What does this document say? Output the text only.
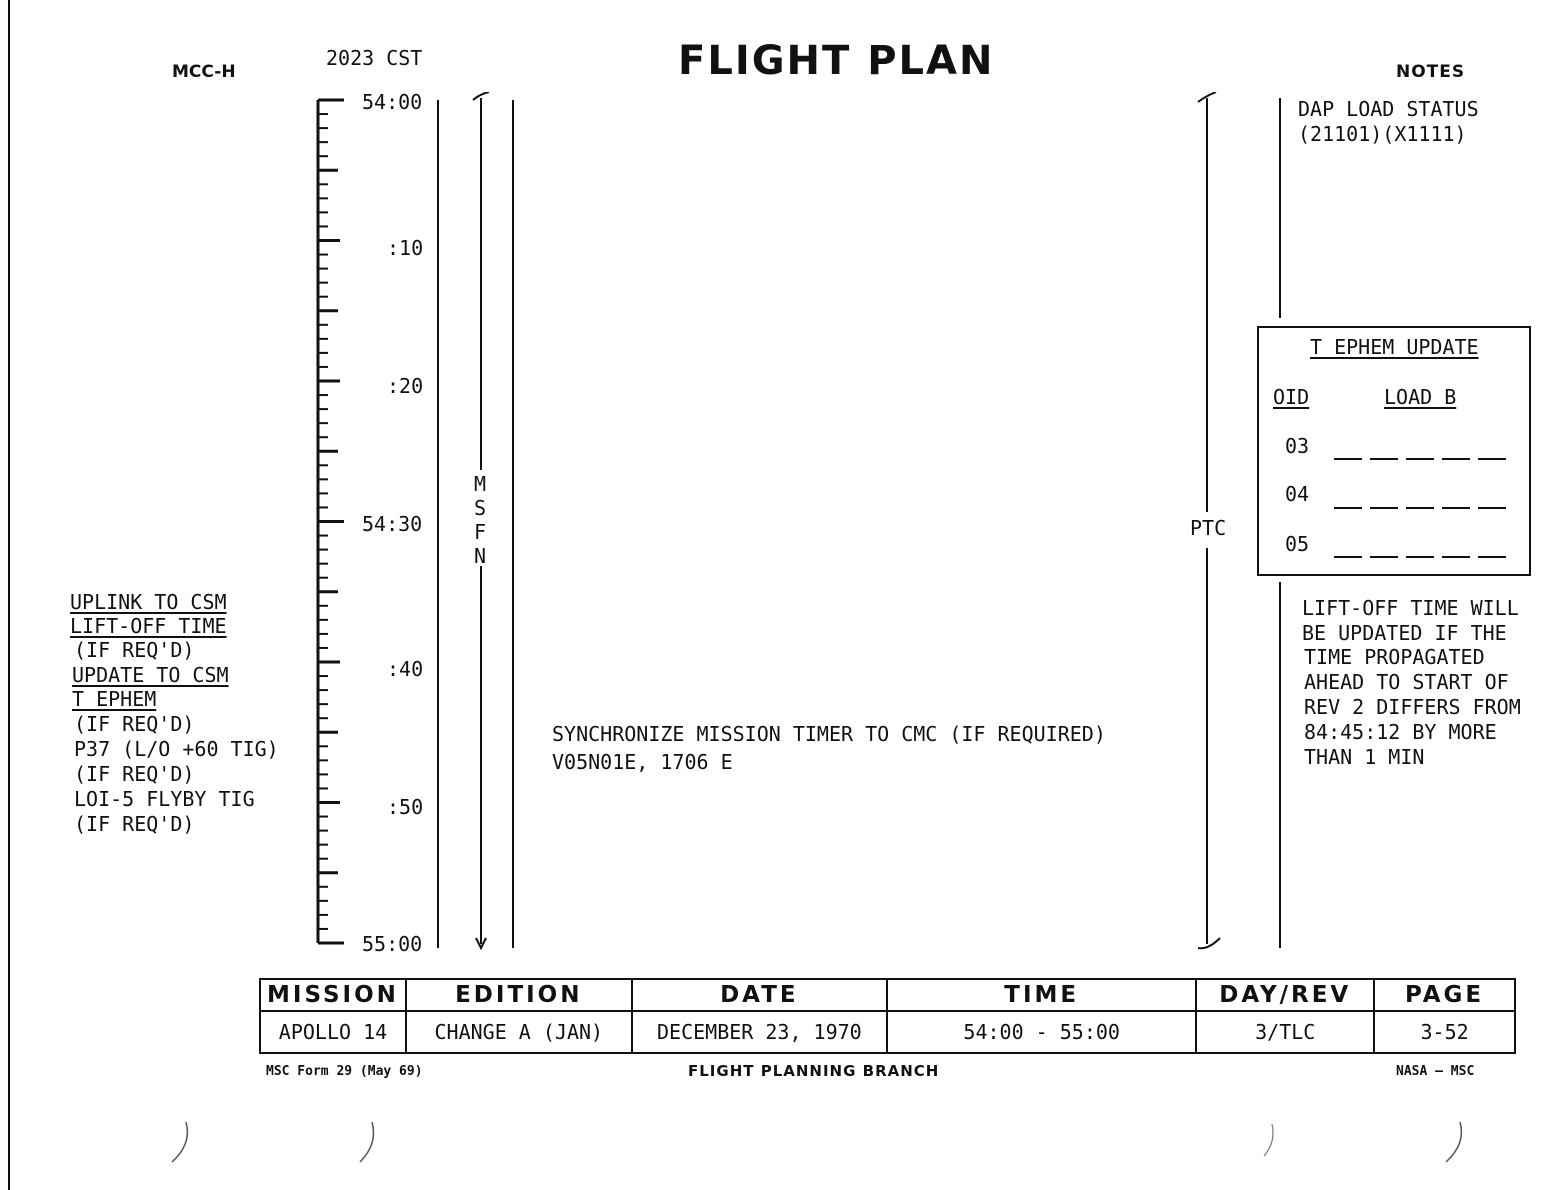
MCC-H
2023 CST	FLIGHT PLAN	NOTES
54:00
:10
:20
54:30
:40
:50
55:00
M
S
F
N
PTC
UPLINK TO CSM
LIFT-OFF TIME
(IF REQ'D)
UPDATE TO CSM
T EPHEM
(IF REQ'D)
P37 (L/O +60 TIG)
(IF REQ'D)
LOI-5 FLYBY TIG
(IF REQ'D)
SYNCHRONIZE MISSION TIMER TO CMC (IF REQUIRED)
V05N01E, 1706 E
DAP LOAD STATUS
(21101)(X1111)
T EPHEM UPDATE
OID	LOAD B
03
04
05
LIFT-OFF TIME WILL
BE UPDATED IF THE
TIME PROPAGATED
AHEAD TO START OF
REV 2 DIFFERS FROM
84:45:12 BY MORE
THAN 1 MIN
MISSION	EDITION	DATE	TIME	DAY/REV	PAGE
APOLLO 14	CHANGE A (JAN)	DECEMBER 23, 1970	54:00 - 55:00	3/TLC	3-52
MSC Form 29 (May 69)	FLIGHT PLANNING BRANCH	NASA — MSC
